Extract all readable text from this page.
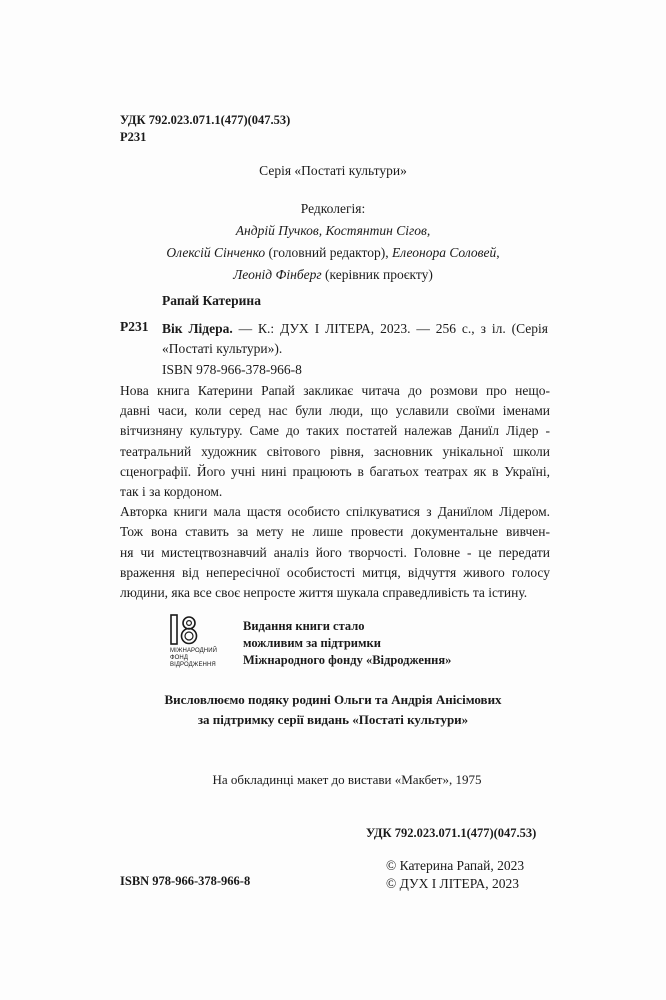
УДК 792.023.071.1(477)(047.53)
Р231
Серія «Постаті культури»
Редколегія:
Андрій Пучков, Костянтин Сігов,
Олексій Сінченко (головний редактор), Елеонора Соловей,
Леонід Фінберг (керівник проєкту)
Рапай Катерина
Р231 Вік Лідера. — К.: ДУХ І ЛІТЕРА, 2023. — 256 с., з іл. (Серія
«Постаті культури»).
ISBN 978-966-378-966-8
Нова книга Катерини Рапай закликає читача до розмови про нещо-
давні часи, коли серед нас були люди, що уславили своїми іменами
вітчизняну культуру. Саме до таких постатей належав Даниїл Лідер -
театральний художник світового рівня, засновник унікальної школи
сценографії. Його учні нині працюють в багатьох театрах як в Україні,
так і за кордоном.
Авторка книги мала щастя особисто спілкуватися з Даниїлом Лідером.
Тож вона ставить за мету не лише провести документальне вивчен-
ня чи мистецтвознавчий аналіз його творчості. Головне - це передати
враження від непересічної особистості митця, відчуття живого голосу
людини, яка все своє непросте життя шукала справедливість та істину.
МІЖНАРОДНИЙ
ФОНД
ВІДРОДЖЕННЯ
Видання книги стало
можливим за підтримки
Міжнародного фонду «Відродження»
Висловлюємо подяку родині Ольги та Андрія Анісімових
за підтримку серії видань «Постаті культури»
На обкладинці макет до вистави «Макбет», 1975
УДК 792.023.071.1(477)(047.53)
ISBN 978-966-378-966-8
© Катерина Рапай, 2023
© ДУХ І ЛІТЕРА, 2023
